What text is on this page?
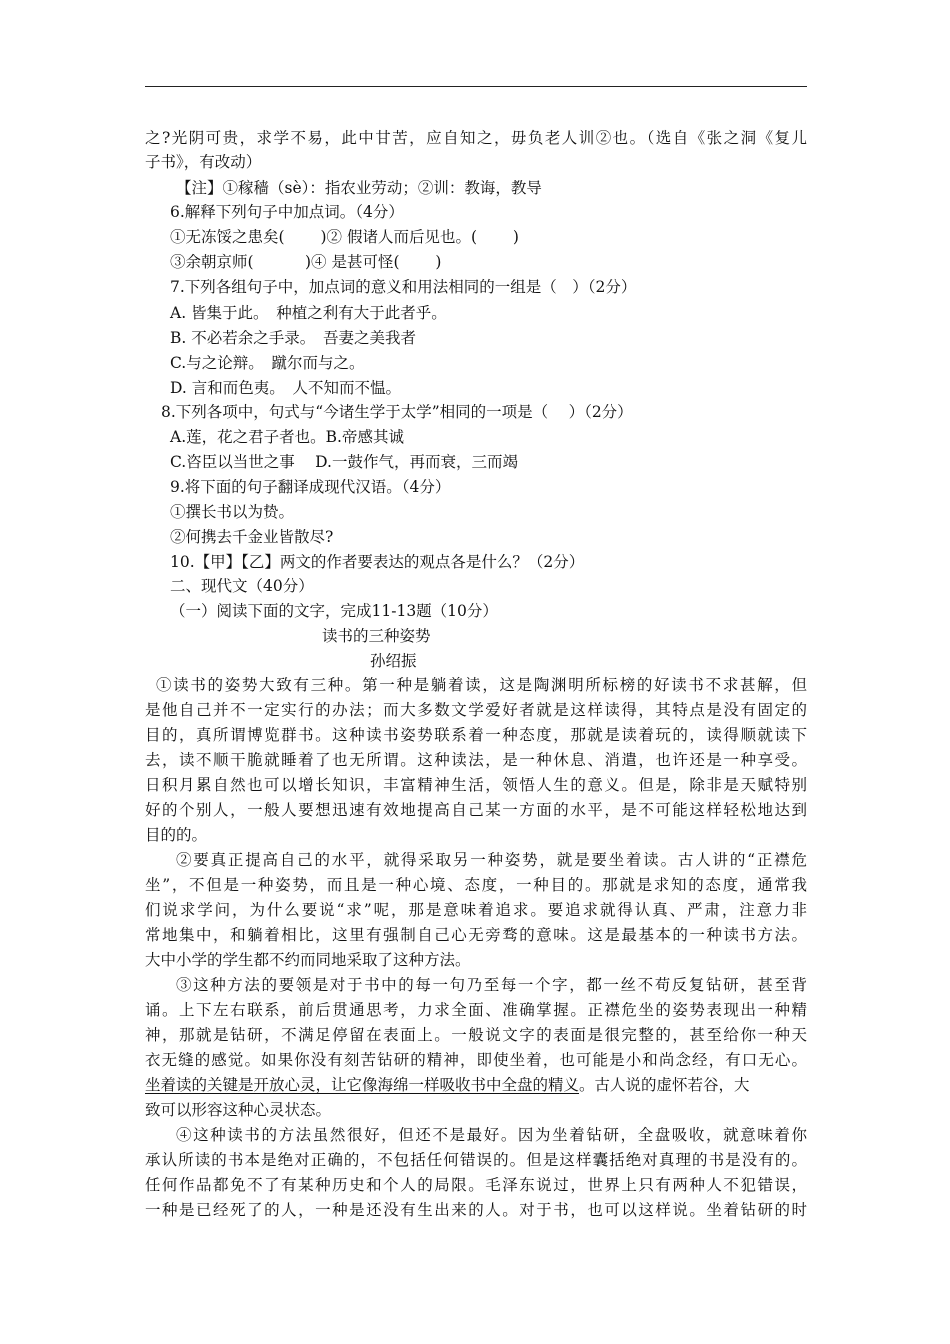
之?光阴可贵，求学不易，此中甘苦，应自知之，毋负老人训②也。（选自《张之洞《复儿
子书》，有改动）
【注】①稼穑（sè）：指农业劳动；②训：教诲，教导
6.解释下列句子中加点词。（4分）
①无冻馁之患矣(　　 )② 假诸人而后见也。(　　 )
③余朝京师(　　　 )④ 是甚可怪(　　 )
7.下列各组句子中，加点词的意义和用法相同的一组是（　）（2分）
A. 皆集于此。　种植之利有大于此者乎。
B. 不必若余之手录。　吾妻之美我者
C.与之论辩。　蹴尔而与之。
D. 言和而色夷。　人不知而不愠。
8.下列各项中，句式与“今诸生学于太学”相同的一项是（　 ）（2分）
A.莲，花之君子者也。B.帝感其诚
C.咨臣以当世之事　 D.一鼓作气，再而衰，三而竭
9.将下面的句子翻译成现代汉语。（4分）
①撰长书以为贽。
②何携去千金业皆散尽?
10.【甲】【乙】两文的作者要表达的观点各是什么？（2分）
二、现代文（40分）
（一）阅读下面的文字，完成11-13题（10分）
读书的三种姿势
孙绍振
①读书的姿势大致有三种。第一种是躺着读，这是陶渊明所标榜的好读书不求甚解，但
是他自己并不一定实行的办法；而大多数文学爱好者就是这样读得，其特点是没有固定的
目的，真所谓博览群书。这种读书姿势联系着一种态度，那就是读着玩的，读得顺就读下
去，读不顺干脆就睡着了也无所谓。这种读法，是一种休息、消遣，也许还是一种享受。
日积月累自然也可以增长知识，丰富精神生活，领悟人生的意义。但是，除非是天赋特别
好的个别人，一般人要想迅速有效地提高自己某一方面的水平，是不可能这样轻松地达到
目的的。
②要真正提高自己的水平，就得采取另一种姿势，就是要坐着读。古人讲的“正襟危
坐”，不但是一种姿势，而且是一种心境、态度，一种目的。那就是求知的态度，通常我
们说求学问，为什么要说“求”呢，那是意味着追求。要追求就得认真、严肃，注意力非
常地集中，和躺着相比，这里有强制自己心无旁骛的意味。这是最基本的一种读书方法。
大中小学的学生都不约而同地采取了这种方法。
③这种方法的要领是对于书中的每一句乃至每一个字，都一丝不苟反复钻研，甚至背
诵。上下左右联系，前后贯通思考，力求全面、准确掌握。正襟危坐的姿势表现出一种精
神，那就是钻研，不满足停留在表面上。一般说文字的表面是很完整的，甚至给你一种天
衣无缝的感觉。如果你没有刻苦钻研的精神，即使坐着，也可能是小和尚念经，有口无心。
坐着读的关键是开放心灵，让它像海绵一样吸收书中全盘的精义。古人说的虚怀若谷，大
致可以形容这种心灵状态。
④这种读书的方法虽然很好，但还不是最好。因为坐着钻研，全盘吸收，就意味着你
承认所读的书本是绝对正确的，不包括任何错误的。但是这样囊括绝对真理的书是没有的。
任何作品都免不了有某种历史和个人的局限。毛泽东说过，世界上只有两种人不犯错误，
一种是已经死了的人，一种是还没有生出来的人。对于书，也可以这样说。坐着钻研的时
